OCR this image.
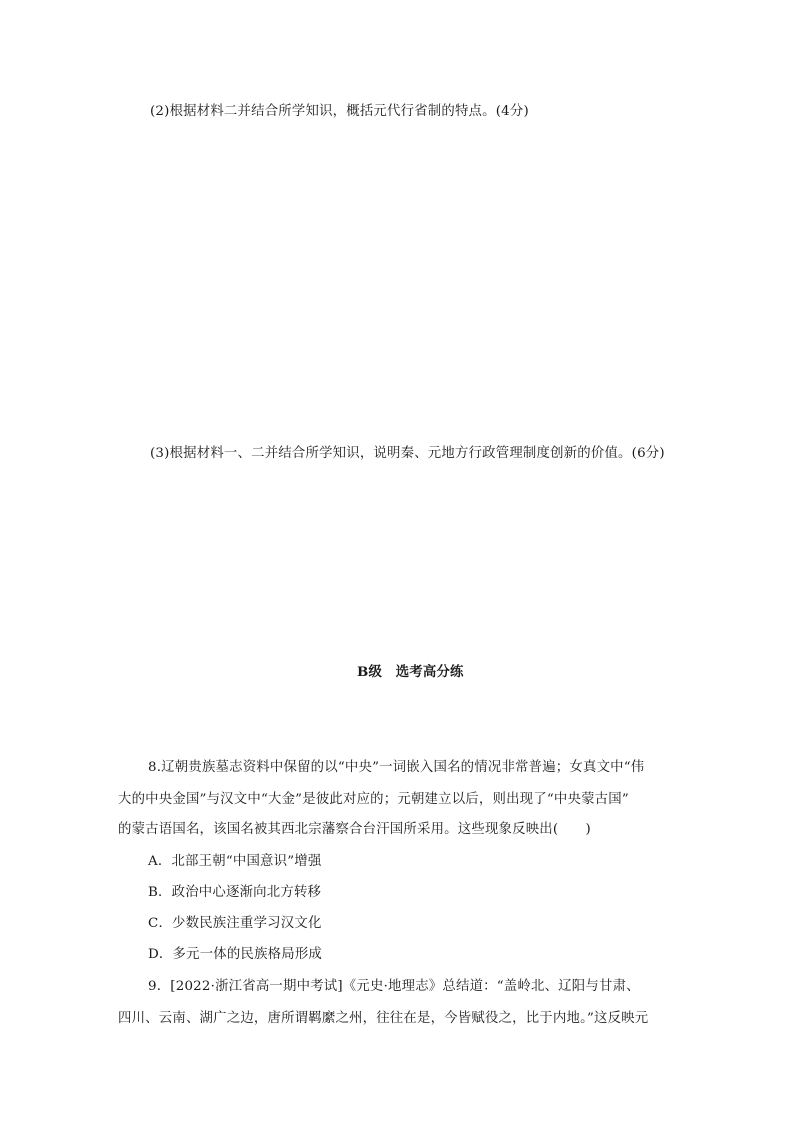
(2)根据材料二并结合所学知识，概括元代行省制的特点。(4分)
(3)根据材料一、二并结合所学知识，说明秦、元地方行政管理制度创新的价值。(6分)
B级　选考高分练
8.辽朝贵族墓志资料中保留的以“中央”一词嵌入国名的情况非常普遍；女真文中“伟
大的中央金国”与汉文中“大金”是彼此对应的；元朝建立以后，则出现了“中央蒙古国”
的蒙古语国名，该国名被其西北宗藩察合台汗国所采用。这些现象反映出(　　)
A．北部王朝“中国意识”增强
B．政治中心逐渐向北方转移
C．少数民族注重学习汉文化
D．多元一体的民族格局形成
9．[2022·浙江省高一期中考试]《元史·地理志》总结道：“盖岭北、辽阳与甘肃、
四川、云南、湖广之边，唐所谓羁縻之州，往往在是，今皆赋役之，比于内地。”这反映元
